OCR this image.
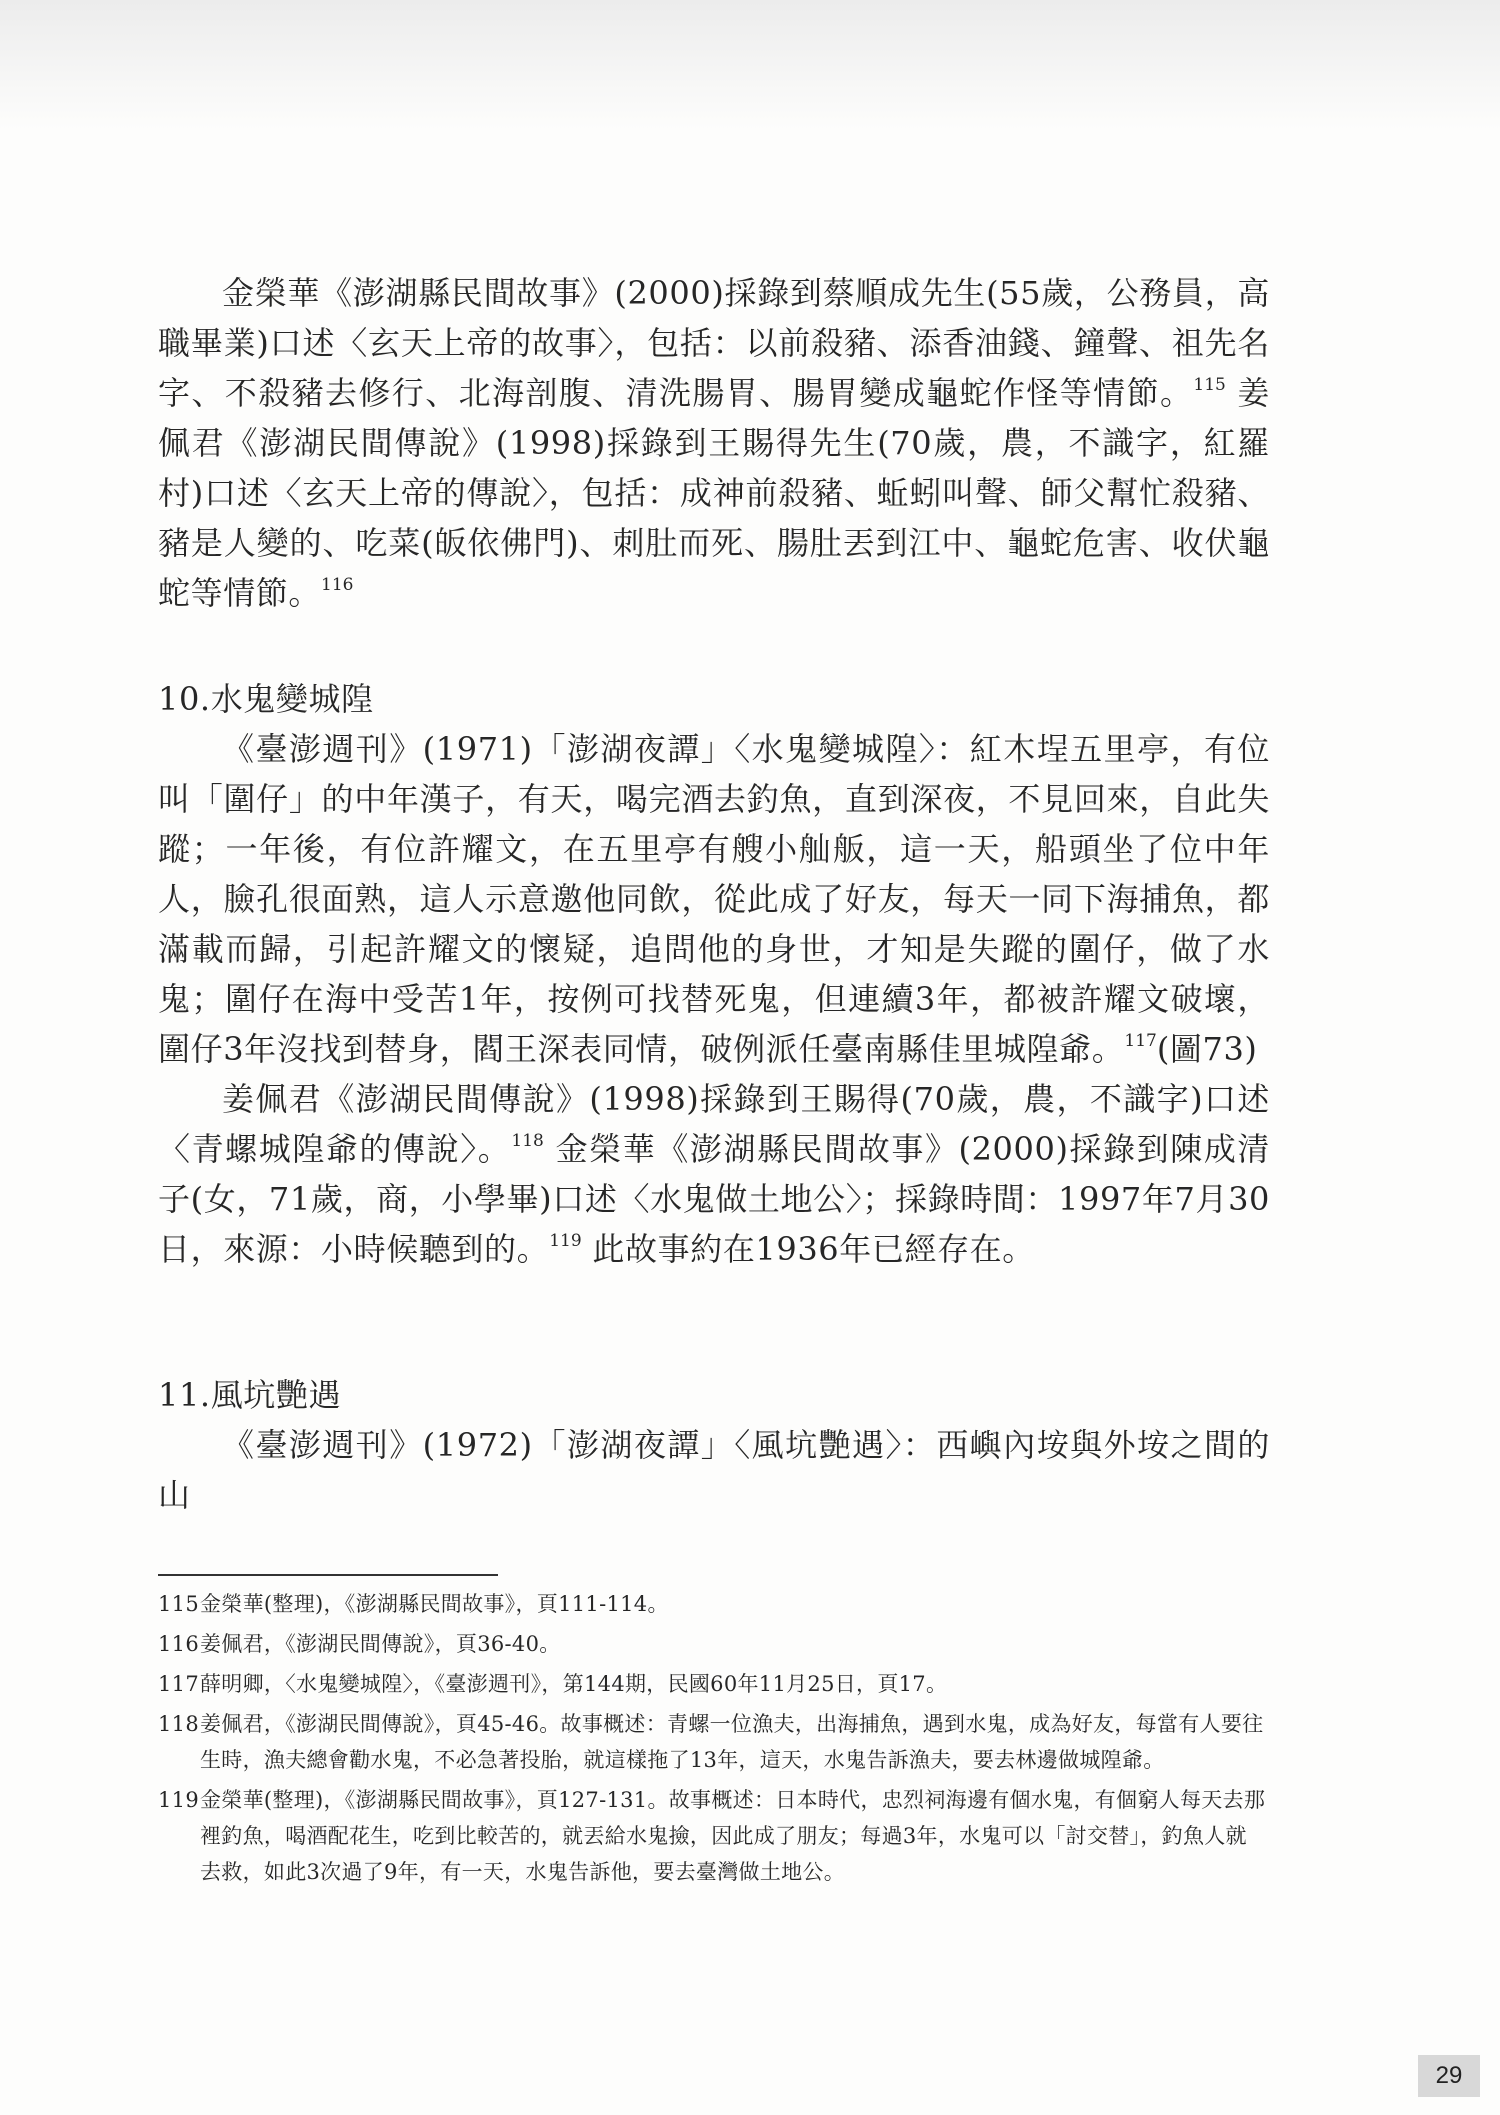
金榮華《澎湖縣民間故事》(2000)採錄到蔡順成先生(55歲，公務員，高職畢業)口述〈玄天上帝的故事〉，包括：以前殺豬、添香油錢、鐘聲、祖先名字、不殺豬去修行、北海剖腹、清洗腸胃、腸胃變成龜蛇作怪等情節。$^{115}$ 姜佩君《澎湖民間傳說》(1998)採錄到王賜得先生(70歲，農，不識字，紅羅村)口述〈玄天上帝的傳說〉，包括：成神前殺豬、蚯蚓叫聲、師父幫忙殺豬、豬是人變的、吃菜(皈依佛門)、刺肚而死、腸肚丟到江中、龜蛇危害、收伏龜蛇等情節。$^{116}$

10.水鬼變城隍

《臺澎週刊》(1971)「澎湖夜譚」〈水鬼變城隍〉：紅木埕五里亭，有位叫「圍仔」的中年漢子，有天，喝完酒去釣魚，直到深夜，不見回來，自此失蹤；一年後，有位許耀文，在五里亭有艘小舢舨，這一天，船頭坐了位中年人，臉孔很面熟，這人示意邀他同飲，從此成了好友，每天一同下海捕魚，都滿載而歸，引起許耀文的懷疑，追問他的身世，才知是失蹤的圍仔，做了水鬼；圍仔在海中受苦1年，按例可找替死鬼，但連續3年，都被許耀文破壞，圍仔3年沒找到替身，閻王深表同情，破例派任臺南縣佳里城隍爺。$^{117}$(圖73)

姜佩君《澎湖民間傳說》(1998)採錄到王賜得(70歲，農，不識字)口述〈青螺城隍爺的傳說〉。$^{118}$ 金榮華《澎湖縣民間故事》(2000)採錄到陳成清子(女，71歲，商，小學畢)口述〈水鬼做土地公〉；採錄時間：1997年7月30日，來源：小時候聽到的。$^{119}$ 此故事約在1936年已經存在。

11.風坑艷遇

《臺澎週刊》(1972)「澎湖夜譚」〈風坑艷遇〉：西嶼內垵與外垵之間的山

115 金榮華(整理)，《澎湖縣民間故事》，頁111-114。
116 姜佩君，《澎湖民間傳說》，頁36-40。
117 薛明卿，〈水鬼變城隍〉，《臺澎週刊》，第144期，民國60年11月25日，頁17。
118 姜佩君，《澎湖民間傳說》，頁45-46。故事概述：青螺一位漁夫，出海捕魚，遇到水鬼，成為好友，每當有人要往生時，漁夫總會勸水鬼，不必急著投胎，就這樣拖了13年，這天，水鬼告訴漁夫，要去林邊做城隍爺。
119 金榮華(整理)，《澎湖縣民間故事》，頁127-131。故事概述：日本時代，忠烈祠海邊有個水鬼，有個窮人每天去那裡釣魚，喝酒配花生，吃到比較苦的，就丟給水鬼撿，因此成了朋友；每過3年，水鬼可以「討交替」，釣魚人就去救，如此3次過了9年，有一天，水鬼告訴他，要去臺灣做土地公。
29
